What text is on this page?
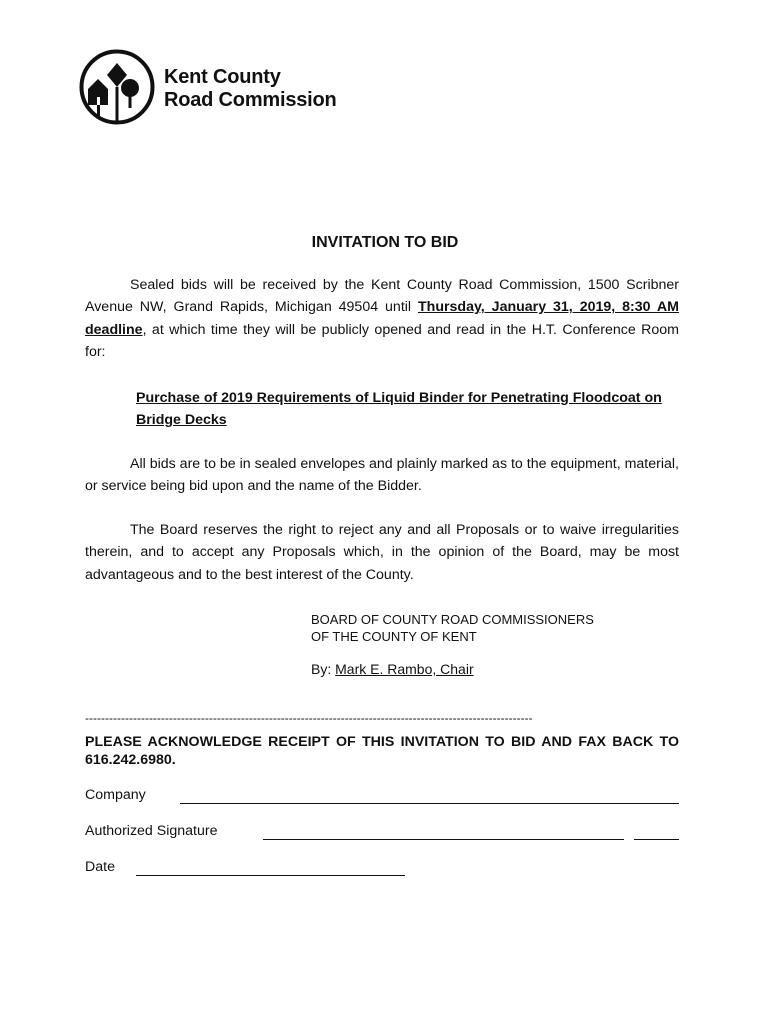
Kent County
Road Commission
INVITATION TO BID
Sealed bids will be received by the Kent County Road Commission, 1500 Scribner Avenue NW, Grand Rapids, Michigan 49504 until Thursday, January 31, 2019, 8:30 AM deadline, at which time they will be publicly opened and read in the H.T. Conference Room for:
Purchase of 2019 Requirements of Liquid Binder for Penetrating Floodcoat on Bridge Decks
All bids are to be in sealed envelopes and plainly marked as to the equipment, material, or service being bid upon and the name of the Bidder.
The Board reserves the right to reject any and all Proposals or to waive irregularities therein, and to accept any Proposals which, in the opinion of the Board, may be most advantageous and to the best interest of the County.
BOARD OF COUNTY ROAD COMMISSIONERS
OF THE COUNTY OF KENT
By: Mark E. Rambo, Chair
----------------------------------------------------------------------------------------------------------------
PLEASE ACKNOWLEDGE RECEIPT OF THIS INVITATION TO BID AND FAX BACK TO 616.242.6980.
Company
Authorized Signature
Date
